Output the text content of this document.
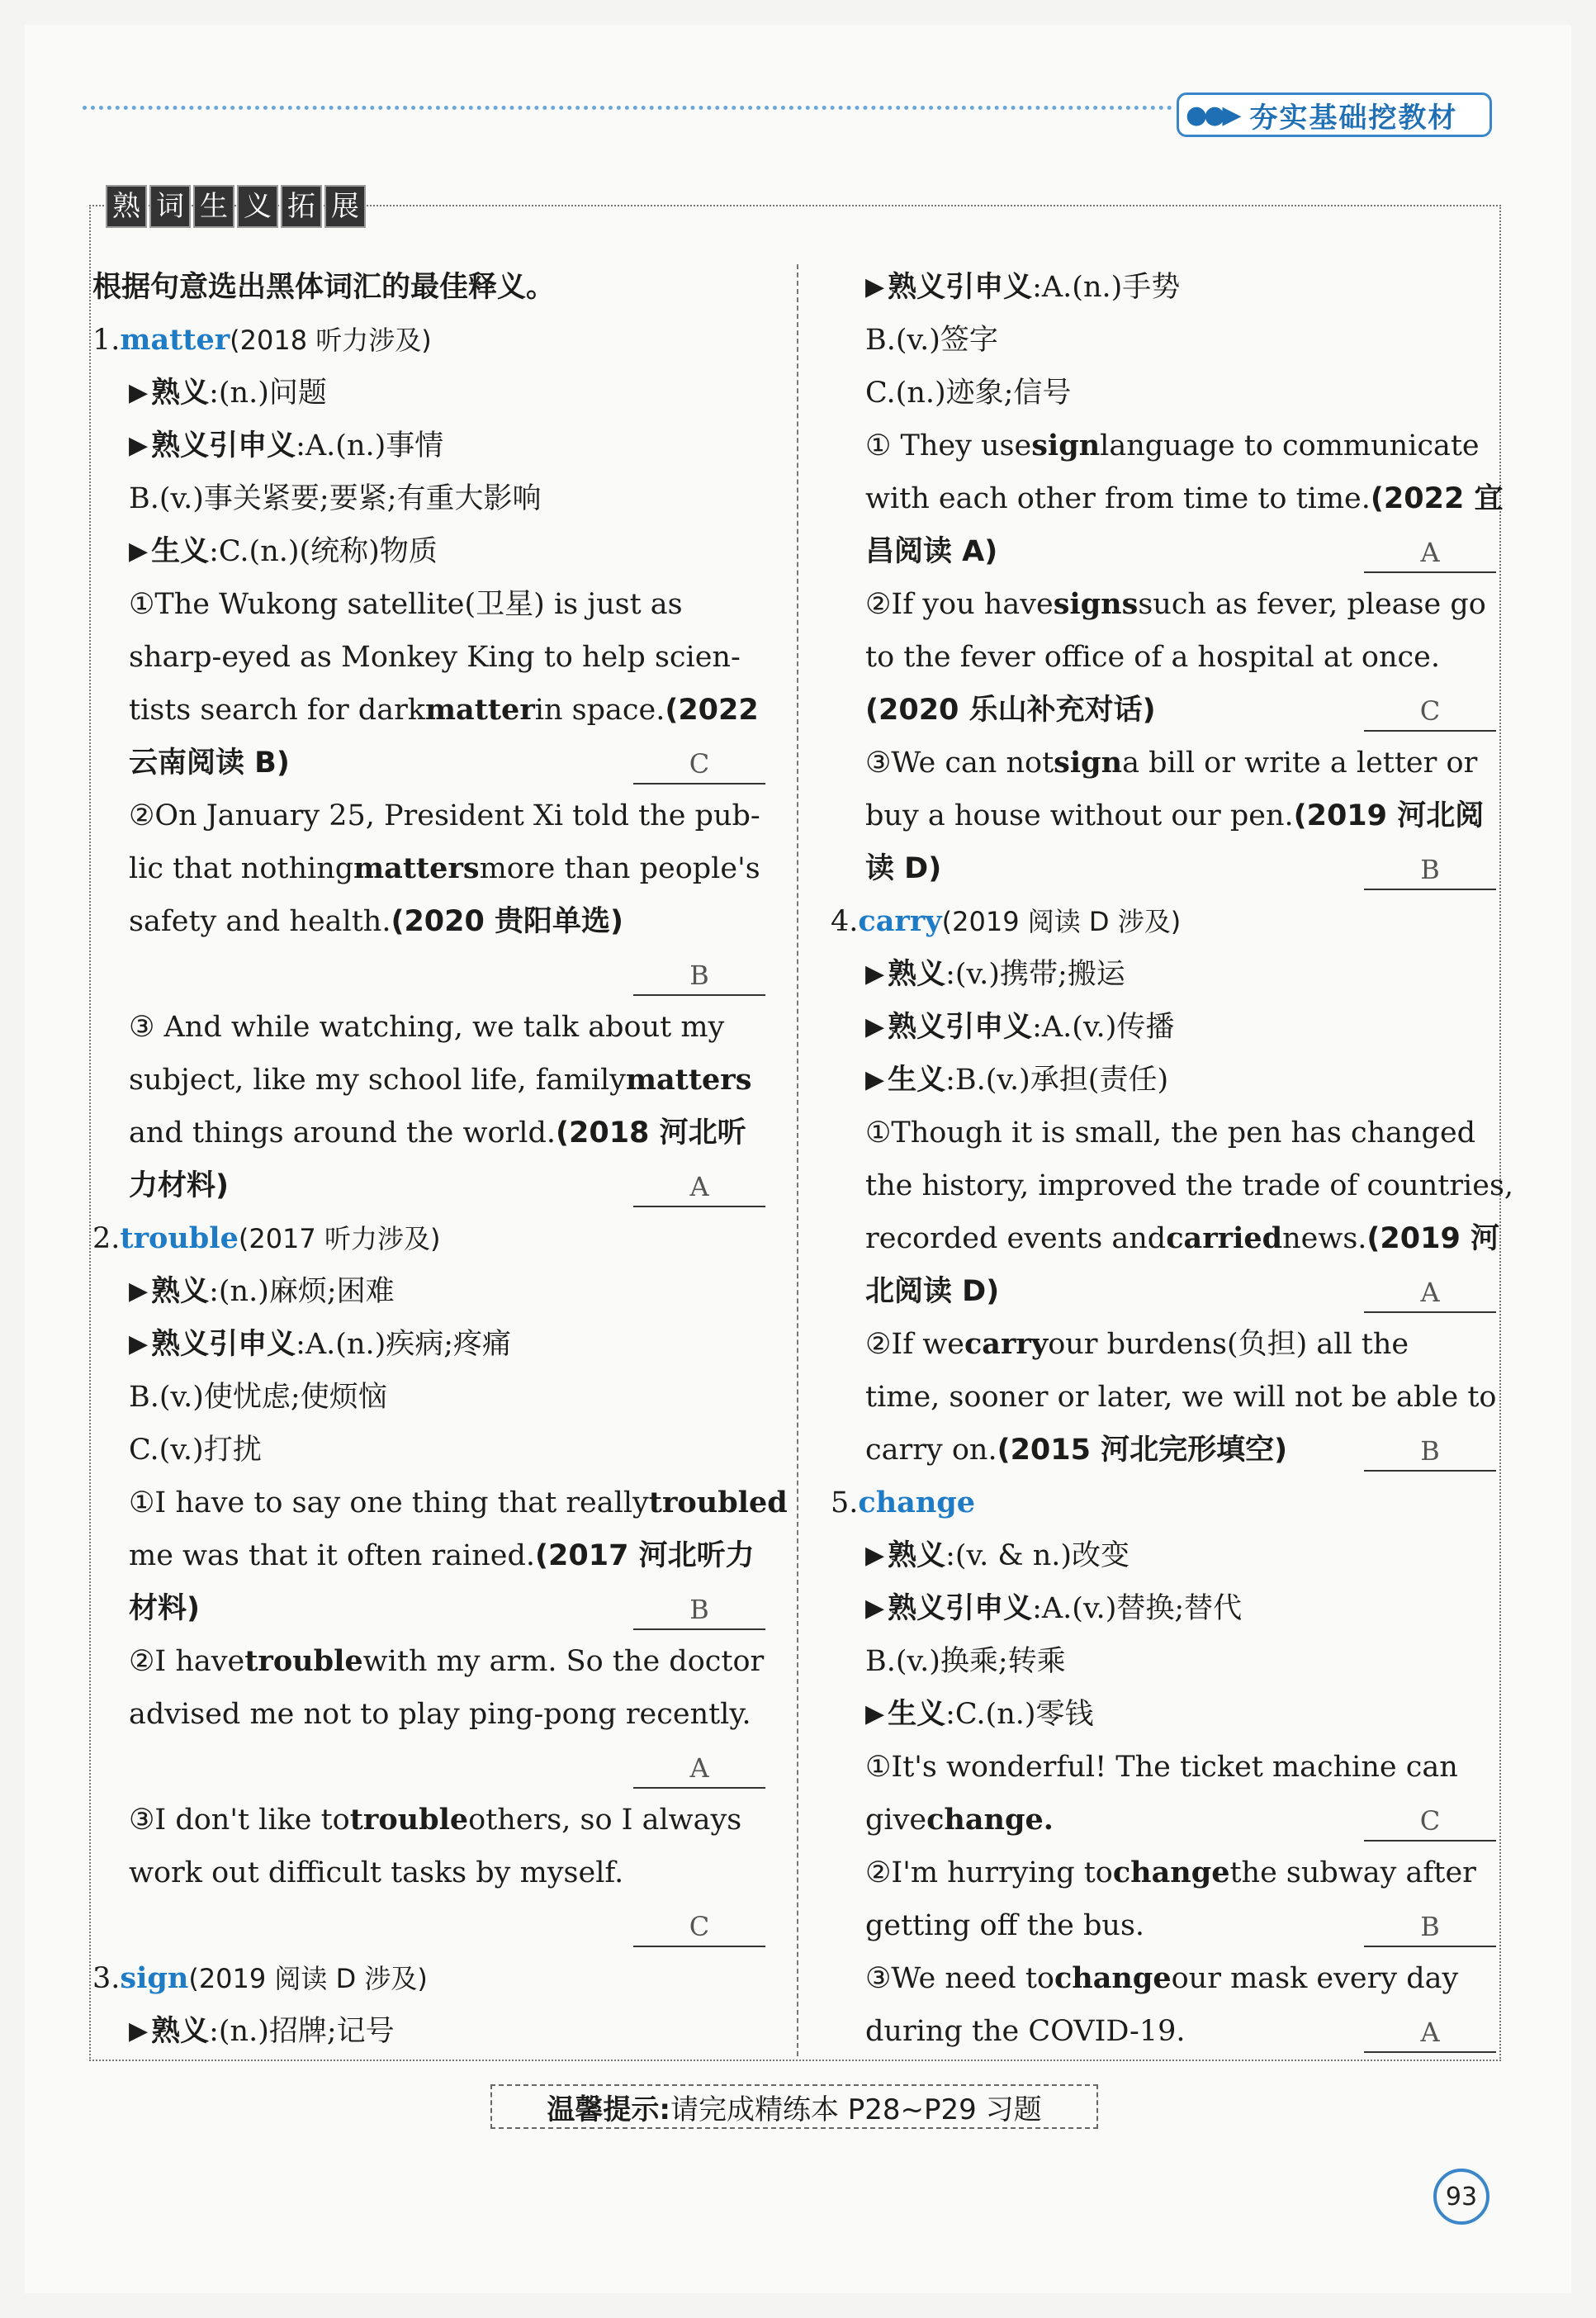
●●▶ 夯实基础挖教材
熟 词 生 义 拓 展
根据句意选出黑体词汇的最佳释义。
1. matter (2018 听力涉及)
▶ 熟义 :(n.)问题
▶ 熟义引申义 :A.(n.)事情
B.(v.)事关紧要;要紧;有重大影响
▶ 生义 :C.(n.)(统称)物质
①The Wukong satellite(卫星) is just as
sharp-eyed as Monkey King to help scien-
tists search for dark matter in space. (2022
云南阅读 B)	C
②On January 25, President Xi told the pub-
lic that nothing matters more than people's
safety and health. (2020 贵阳单选)
B
③ And while watching, we talk about my
subject, like my school life, family matters
and things around the world. (2018 河北听
力材料)	A
2. trouble (2017 听力涉及)
▶ 熟义 :(n.)麻烦;困难
▶ 熟义引申义 :A.(n.)疾病;疼痛
B.(v.)使忧虑;使烦恼
C.(v.)打扰
①I have to say one thing that really troubled
me was that it often rained. (2017 河北听力
材料)	B
②I have trouble with my arm. So the doctor
advised me not to play ping-pong recently.
A
③I don't like to trouble others, so I always
work out difficult tasks by myself.
C
3. sign (2019 阅读 D 涉及)
▶ 熟义 :(n.)招牌;记号
▶ 熟义引申义 :A.(n.)手势
B.(v.)签字
C.(n.)迹象;信号
① They use sign language to communicate
with each other from time to time. (2022 宜
昌阅读 A)	A
②If you have signs such as fever, please go
to the fever office of a hospital at once.
(2020 乐山补充对话)	C
③We can not sign a bill or write a letter or
buy a house without our pen. (2019 河北阅
读 D)	B
4. carry (2019 阅读 D 涉及)
▶ 熟义 :(v.)携带;搬运
▶ 熟义引申义 :A.(v.)传播
▶ 生义 :B.(v.)承担(责任)
①Though it is small, the pen has changed
the history, improved the trade of countries,
recorded events and carried news. (2019 河
北阅读 D)	A
②If we carry our burdens(负担) all the
time, sooner or later, we will not be able to
carry on. (2015 河北完形填空)	B
5. change
▶ 熟义 :(v. & n.)改变
▶ 熟义引申义 :A.(v.)替换;替代
B.(v.)换乘;转乘
▶ 生义 :C.(n.)零钱
①It's wonderful! The ticket machine can
give change.	C
②I'm hurrying to change the subway after
getting off the bus.	B
③We need to change our mask every day
during the COVID-19.	A
温馨提示: 请完成精练本 P28~P29 习题
93
